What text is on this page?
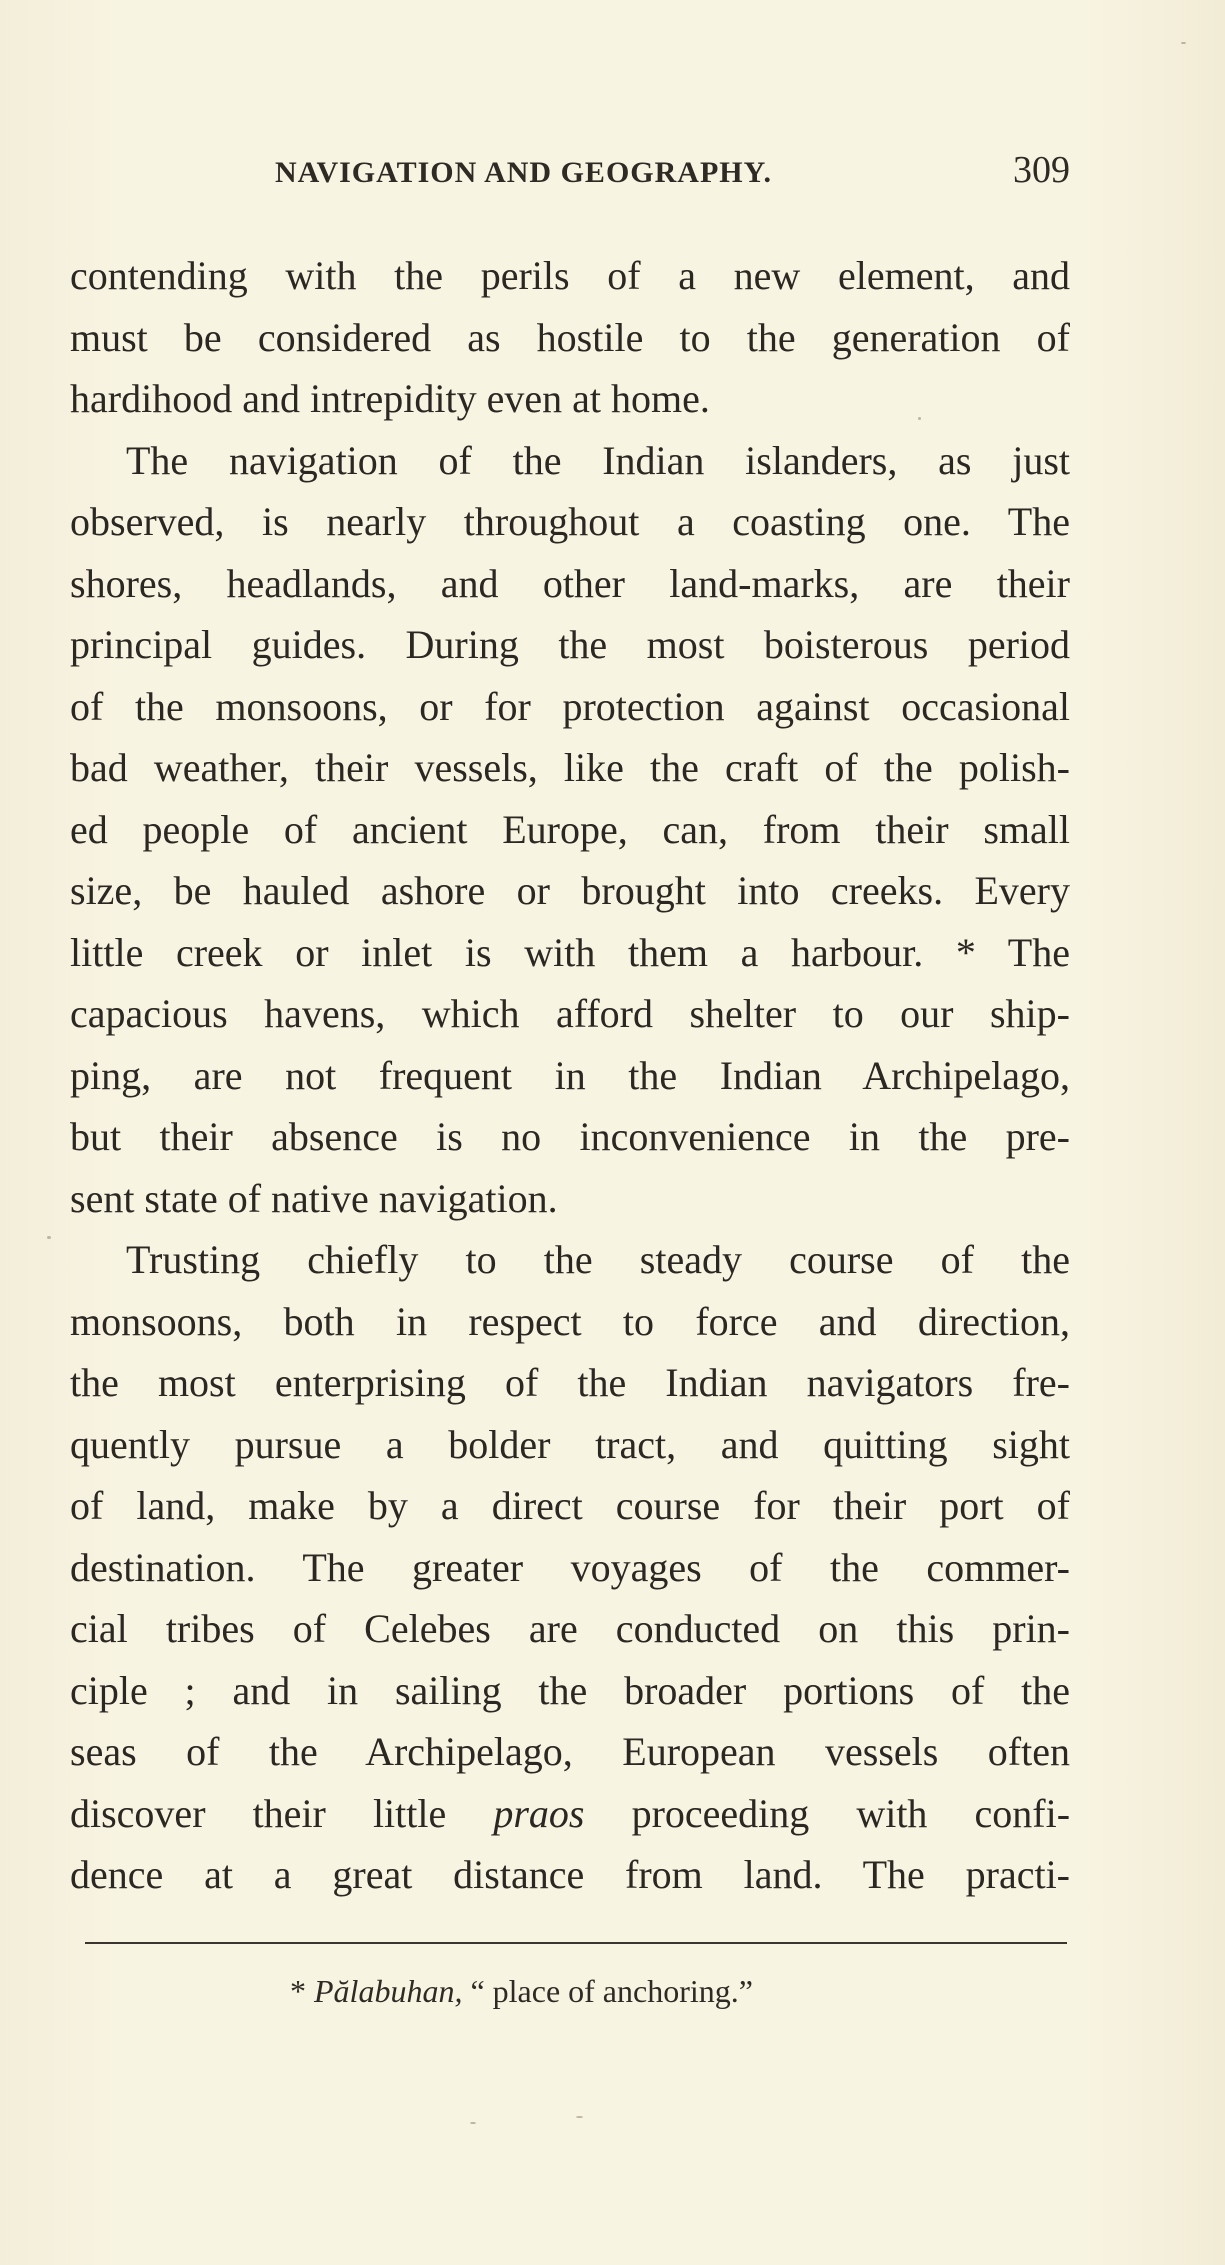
NAVIGATION AND GEOGRAPHY.	309
contending with the perils of a new element, and
must be considered as hostile to the generation of
hardihood and intrepidity even at home.
The navigation of the Indian islanders, as just
observed, is nearly throughout a coasting one. The
shores, headlands, and other land-marks, are their
principal guides. During the most boisterous period
of the monsoons, or for protection against occasional
bad weather, their vessels, like the craft of the polish-
ed people of ancient Europe, can, from their small
size, be hauled ashore or brought into creeks. Every
little creek or inlet is with them a harbour. * The
capacious havens, which afford shelter to our ship-
ping, are not frequent in the Indian Archipelago,
but their absence is no inconvenience in the pre-
sent state of native navigation.
Trusting chiefly to the steady course of the
monsoons, both in respect to force and direction,
the most enterprising of the Indian navigators fre-
quently pursue a bolder tract, and quitting sight
of land, make by a direct course for their port of
destination. The greater voyages of the commer-
cial tribes of Celebes are conducted on this prin-
ciple ; and in sailing the broader portions of the
seas of the Archipelago, European vessels often
discover their little praos proceeding with confi-
dence at a great distance from land. The practi-
* Pălabuhan, “ place of anchoring.”
